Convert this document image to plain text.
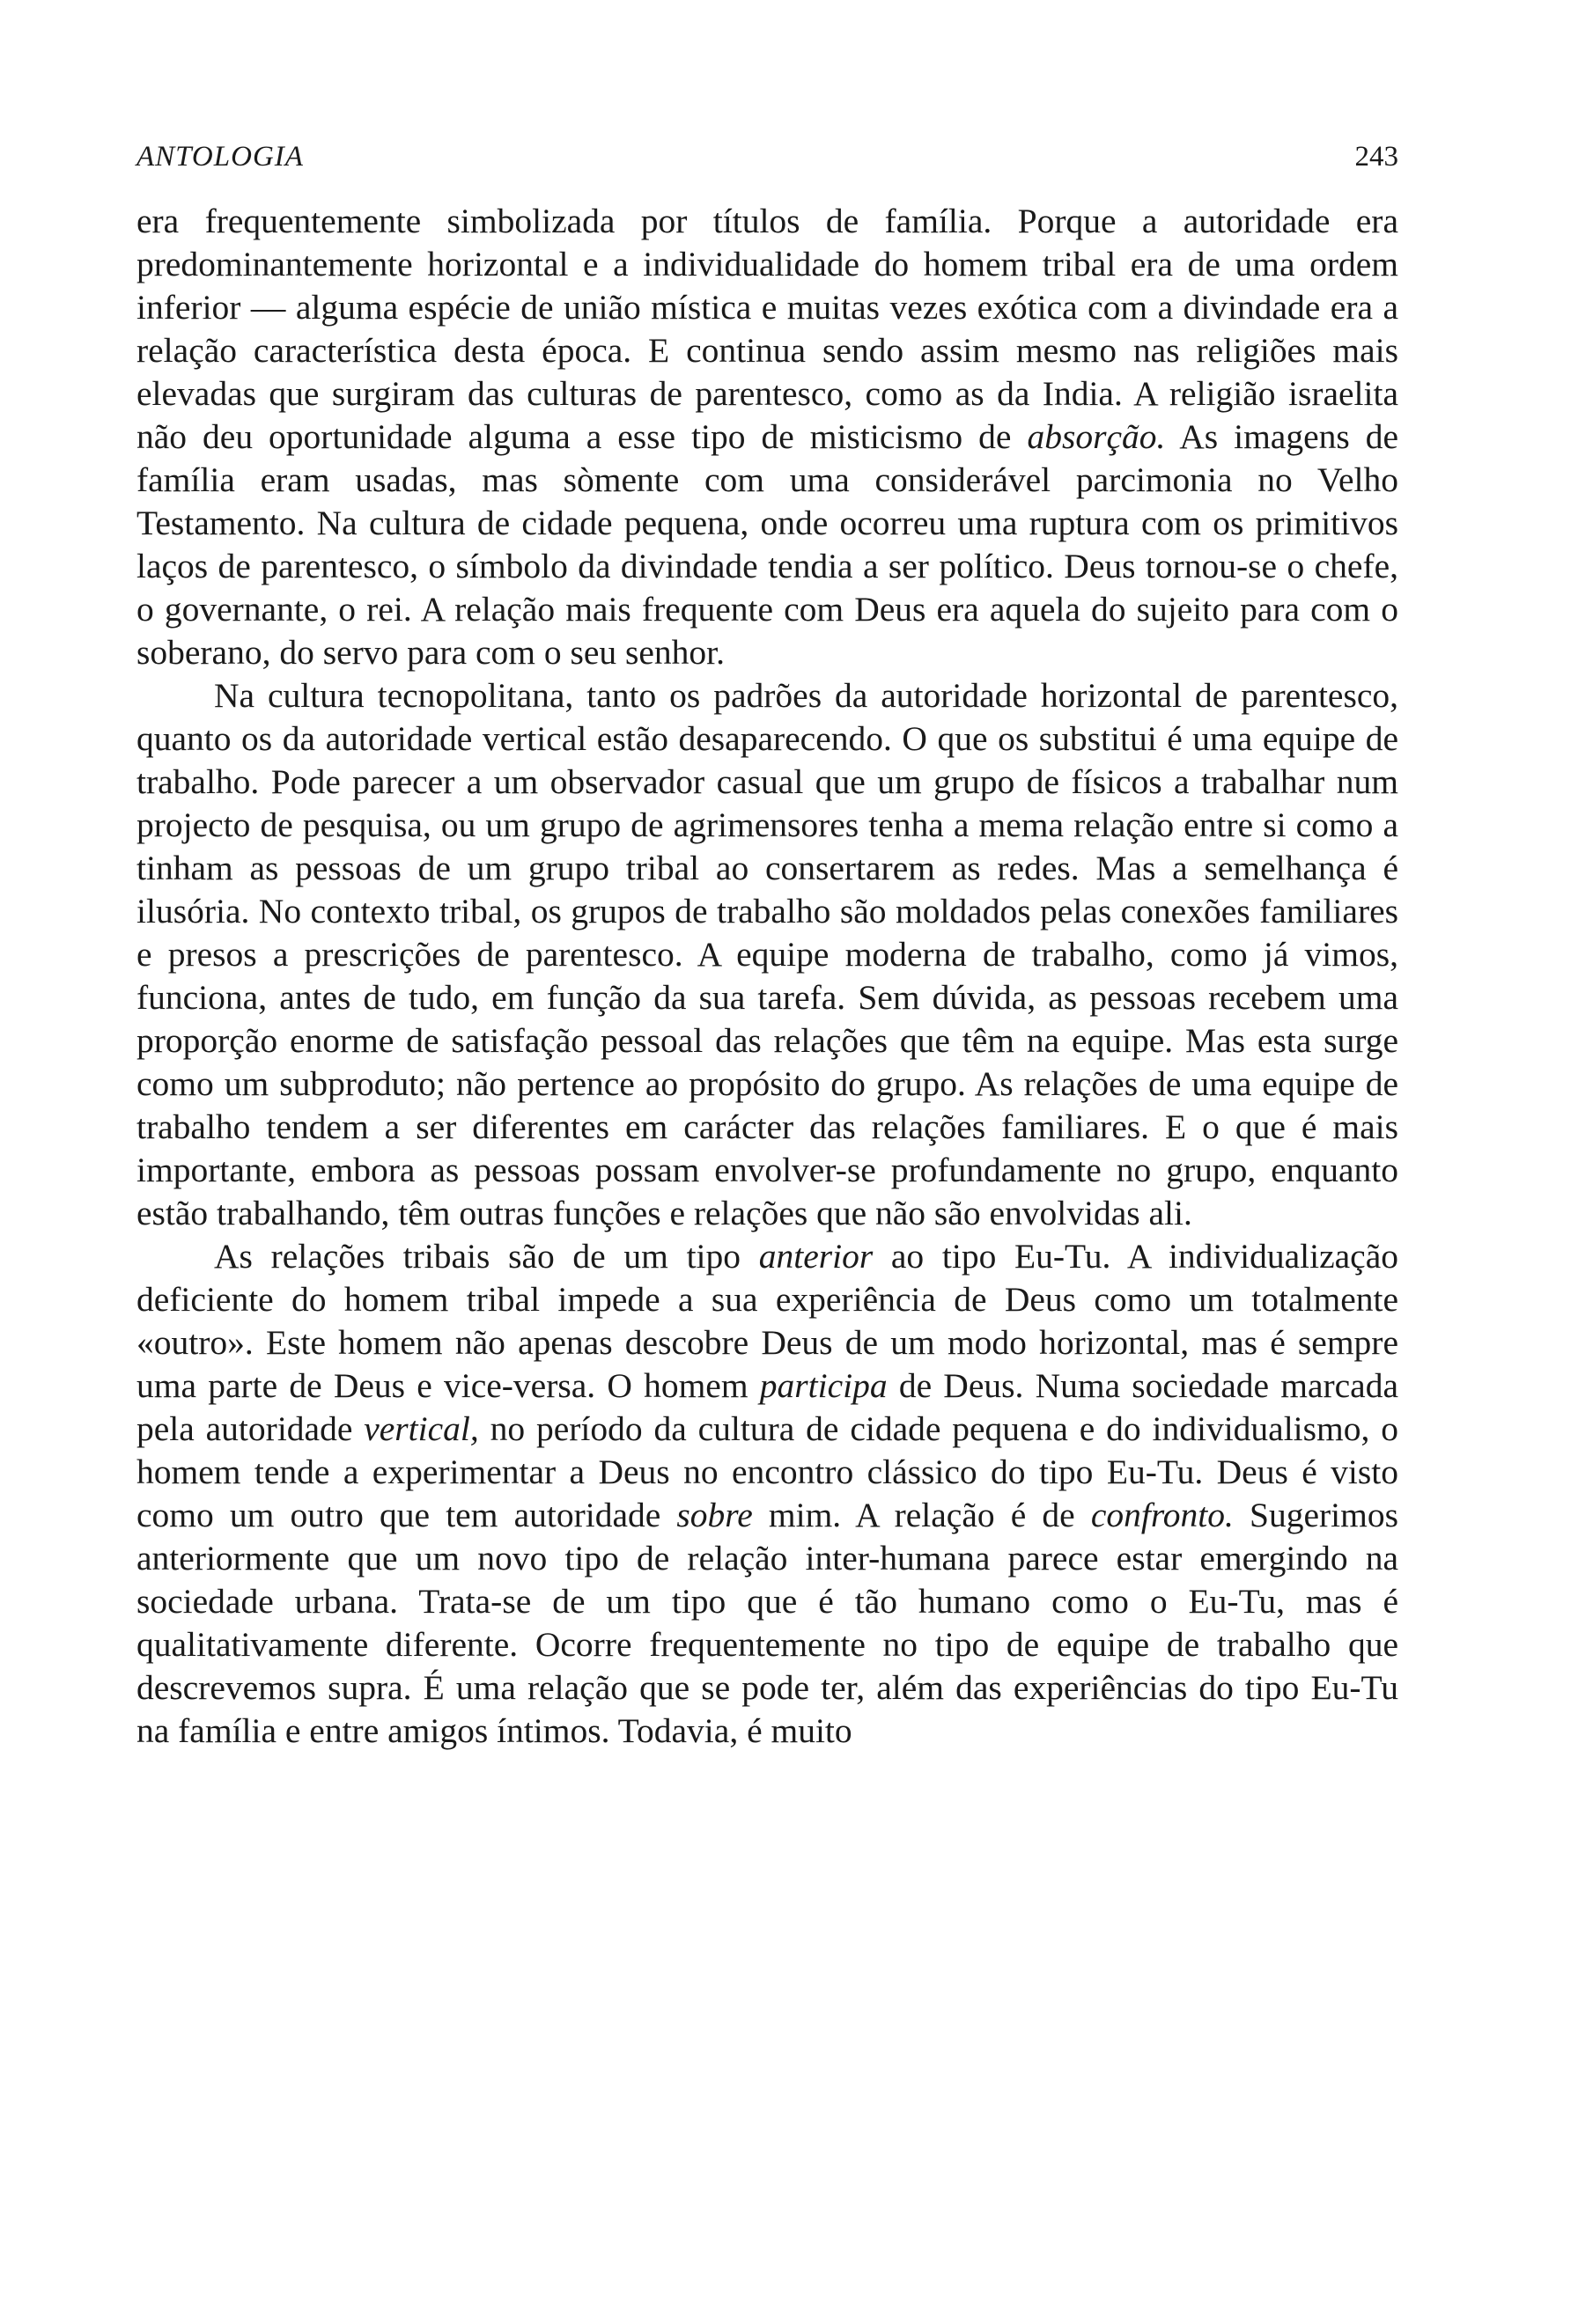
ANTOLOGIA	243

era frequentemente simbolizada por títulos de família. Porque a autoridade era predominantemente horizontal e a individualidade do homem tribal era de uma ordem inferior — alguma espécie de união mística e muitas vezes exótica com a divindade era a relação característica desta época. E continua sendo assim mesmo nas religiões mais elevadas que surgiram das culturas de parentesco, como as da India. A religião israelita não deu oportunidade alguma a esse tipo de misticismo de absorção. As imagens de família eram usadas, mas sòmente com uma considerável parcimonia no Velho Testamento. Na cultura de cidade pequena, onde ocorreu uma ruptura com os primitivos laços de parentesco, o símbolo da divindade tendia a ser político. Deus tornou-se o chefe, o governante, o rei. A relação mais frequente com Deus era aquela do sujeito para com o soberano, do servo para com o seu senhor.

Na cultura tecnopolitana, tanto os padrões da autoridade horizontal de parentesco, quanto os da autoridade vertical estão desaparecendo. O que os substitui é uma equipe de trabalho. Pode parecer a um observador casual que um grupo de físicos a trabalhar num projecto de pesquisa, ou um grupo de agrimensores tenha a mema relação entre si como a tinham as pessoas de um grupo tribal ao consertarem as redes. Mas a semelhança é ilusória. No contexto tribal, os grupos de trabalho são moldados pelas conexões familiares e presos a prescrições de parentesco. A equipe moderna de trabalho, como já vimos, funciona, antes de tudo, em função da sua tarefa. Sem dúvida, as pessoas recebem uma proporção enorme de satisfação pessoal das relações que têm na equipe. Mas esta surge como um subproduto; não pertence ao propósito do grupo. As relações de uma equipe de trabalho tendem a ser diferentes em carácter das relações familiares. E o que é mais importante, embora as pessoas possam envolver-se profundamente no grupo, enquanto estão trabalhando, têm outras funções e relações que não são envolvidas ali.

As relações tribais são de um tipo anterior ao tipo Eu-Tu. A individualização deficiente do homem tribal impede a sua experiência de Deus como um totalmente «outro». Este homem não apenas descobre Deus de um modo horizontal, mas é sempre uma parte de Deus e vice-versa. O homem participa de Deus. Numa sociedade marcada pela autoridade vertical, no período da cultura de cidade pequena e do individualismo, o homem tende a experimentar a Deus no encontro clássico do tipo Eu-Tu. Deus é visto como um outro que tem autoridade sobre mim. A relação é de confronto. Sugerimos anteriormente que um novo tipo de relação inter-humana parece estar emergindo na sociedade urbana. Trata-se de um tipo que é tão humano como o Eu-Tu, mas é qualitativamente diferente. Ocorre frequentemente no tipo de equipe de trabalho que descrevemos supra. É uma relação que se pode ter, além das experiências do tipo Eu-Tu na família e entre amigos íntimos. Todavia, é muito
